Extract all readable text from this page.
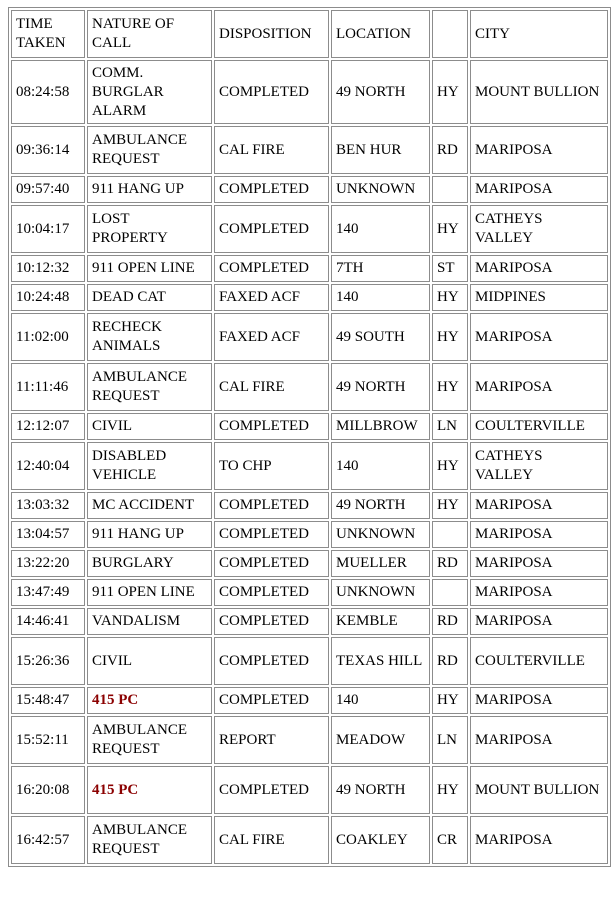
TIME TAKEN	NATURE OF CALL	DISPOSITION	LOCATION		CITY
08:24:58	COMM. BURGLAR ALARM	COMPLETED	49 NORTH	HY	MOUNT BULLION
09:36:14	AMBULANCE REQUEST	CAL FIRE	BEN HUR	RD	MARIPOSA
09:57:40	911 HANG UP	COMPLETED	UNKNOWN		MARIPOSA
10:04:17	LOST PROPERTY	COMPLETED	140	HY	CATHEYS VALLEY
10:12:32	911 OPEN LINE	COMPLETED	7TH	ST	MARIPOSA
10:24:48	DEAD CAT	FAXED ACF	140	HY	MIDPINES
11:02:00	RECHECK ANIMALS	FAXED ACF	49 SOUTH	HY	MARIPOSA
11:11:46	AMBULANCE REQUEST	CAL FIRE	49 NORTH	HY	MARIPOSA
12:12:07	CIVIL	COMPLETED	MILLBROW	LN	COULTERVILLE
12:40:04	DISABLED VEHICLE	TO CHP	140	HY	CATHEYS VALLEY
13:03:32	MC ACCIDENT	COMPLETED	49 NORTH	HY	MARIPOSA
13:04:57	911 HANG UP	COMPLETED	UNKNOWN		MARIPOSA
13:22:20	BURGLARY	COMPLETED	MUELLER	RD	MARIPOSA
13:47:49	911 OPEN LINE	COMPLETED	UNKNOWN		MARIPOSA
14:46:41	VANDALISM	COMPLETED	KEMBLE	RD	MARIPOSA
15:26:36	CIVIL	COMPLETED	TEXAS HILL	RD	COULTERVILLE
15:48:47	415 PC	COMPLETED	140	HY	MARIPOSA
15:52:11	AMBULANCE REQUEST	REPORT	MEADOW	LN	MARIPOSA
16:20:08	415 PC	COMPLETED	49 NORTH	HY	MOUNT BULLION
16:42:57	AMBULANCE REQUEST	CAL FIRE	COAKLEY	CR	MARIPOSA
